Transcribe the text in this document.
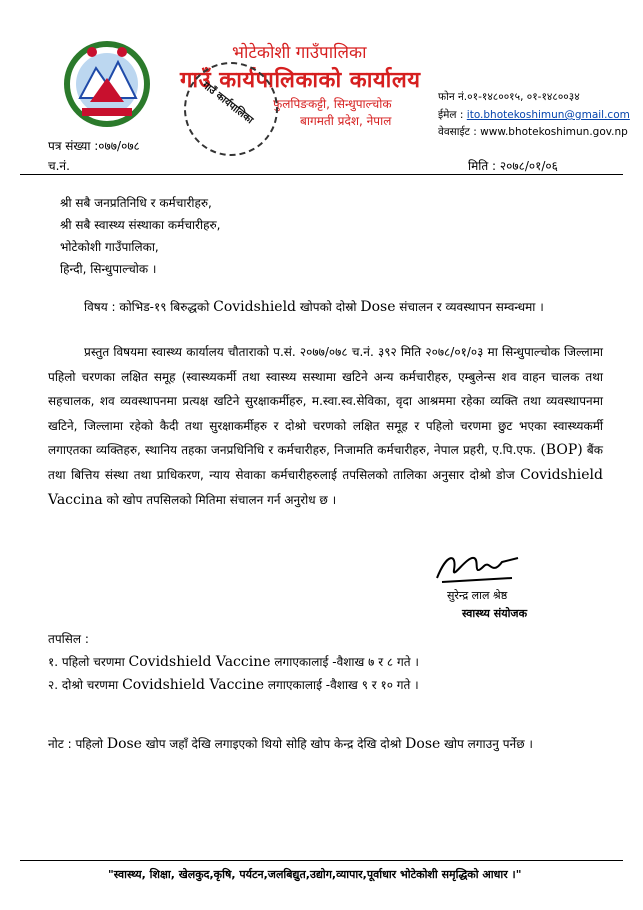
भोटेकोशी गाउँपालिका
गाउँ कार्यपालिकाको कार्यालय
फुलपिङकट्टी, सिन्धुपाल्चोक
बागमती प्रदेश, नेपाल
गाउँ कार्यपालिका	फोन नं.०१-१४८००१५, ०१-१४८००३४
ईमेल : ito.bhotekoshimun@gmail.com
वेवसाईट : www.bhotekoshimun.gov.np
पत्र संख्या :०७७/०७८
च.नं.	मिति : २०७८/०१/०६
श्री सबै जनप्रतिनिधि र कर्मचारीहरु,
श्री सबै स्वास्थ्य संस्थाका कर्मचारीहरु,
भोटेकोशी गाउँपालिका,
हिन्दी, सिन्धुपाल्चोक ।
विषय : कोभिड-१९ बिरुद्धको Covidshield खोपको दोस्रो Dose संचालन र व्यवस्थापन सम्वन्धमा ।
प्रस्तुत विषयमा स्वास्थ्य कार्यालय चौताराको प.सं. २०७७/०७८ च.नं. ३९२ मिति २०७८/०१/०३ मा सिन्धुपाल्चोक जिल्लामा पहिलो चरणका लक्षित समूह (स्वास्थ्यकर्मी तथा स्वास्थ्य सस्थामा खटिने अन्य कर्मचारीहरु, एम्बुलेन्स शव वाहन चालक तथा सहचालक, शव व्यवस्थापनमा प्रत्यक्ष खटिने सुरक्षाकर्मीहरु, म.स्वा.स्व.सेविका, वृदा आश्रममा रहेका व्यक्ति तथा व्यवस्थापनमा खटिने, जिल्लामा रहेको कैदी तथा सुरक्षाकर्मीहरु र दोश्रो चरणको लक्षित समूह र पहिलो चरणमा छुट भएका स्वास्थ्यकर्मी लगाएतका व्यक्तिहरु, स्थानिय तहका जनप्रधिनिधि र कर्मचारीहरु, निजामति कर्मचारीहरु, नेपाल प्रहरी, ए.पि.एफ. (BOP) बैंक तथा बित्तिय संस्था तथा प्राधिकरण, न्याय सेवाका कर्मचारीहरुलाई तपसिलको तालिका अनुसार दोश्रो डोज Covidshield Vaccina को खोप तपसिलको मितिमा संचालन गर्न अनुरोध छ ।
सुरेन्द्र लाल श्रेष्ठ
स्वास्थ्य संयोजक
तपसिल :
१. पहिलो चरणमा Covidshield Vaccine लगाएकालाई -वैशाख ७ र ८ गते ।
२. दोश्रो चरणमा Covidshield Vaccine लगाएकालाई -वैशाख ९ र १० गते ।
नोट : पहिलो Dose खोप जहाँ देखि लगाइएको थियो सोहि खोप केन्द्र देखि दोश्रो Dose खोप लगाउनु पर्नेछ ।
"स्वास्थ्य, शिक्षा, खेलकुद,कृषि, पर्यटन,जलबिद्युत,उद्योग,व्यापार,पूर्वाधार भोटेकोशी समृद्धिको आधार ।"
